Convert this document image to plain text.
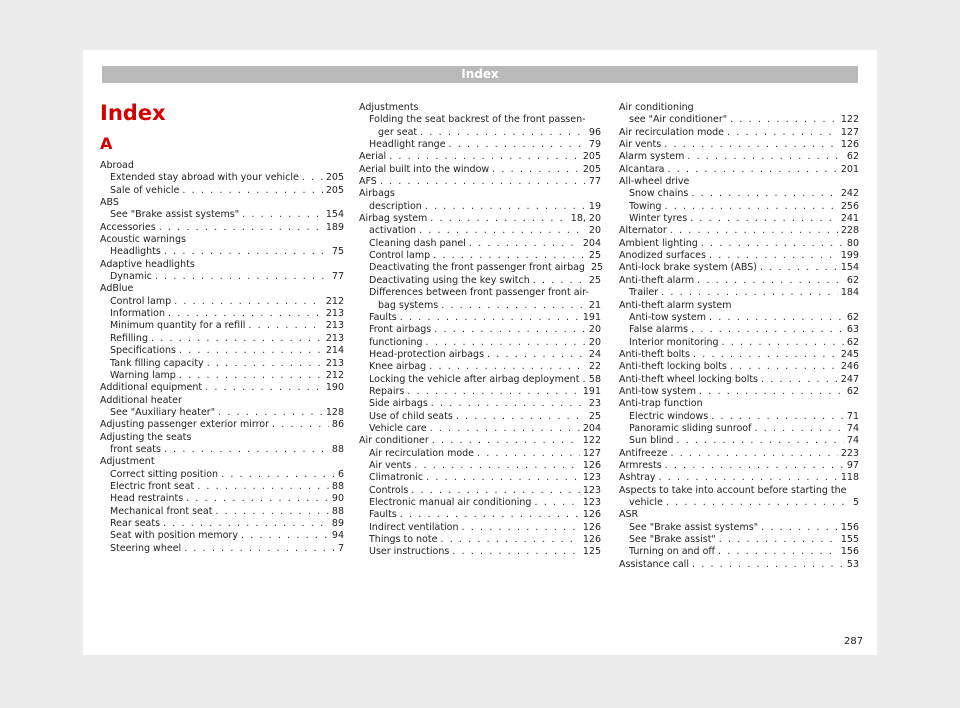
Index
Index
A
Abroad
Extended stay abroad with your vehicle . . .	205
Sale of vehicle . . .	205
ABS
See "Brake assist systems" . . .	154
Accessories . . .	189
Acoustic warnings
Headlights . . .	75
Adaptive headlights
Dynamic . . .	77
AdBlue
Control lamp . . .	212
Information . . .	213
Minimum quantity for a refill . . .	213
Refilling . . .	213
Specifications . . .	214
Tank filling capacity . . .	213
Warning lamp . . .	212
Additional equipment . . .	190
Additional heater
See "Auxiliary heater" . . .	128
Adjusting passenger exterior mirror . . .	86
Adjusting the seats
front seats . . .	88
Adjustment
Correct sitting position . . .	6
Electric front seat . . .	88
Head restraints . . .	90
Mechanical front seat . . .	88
Rear seats . . .	89
Seat with position memory . . .	94
Steering wheel . . .	7
Adjustments
Folding the seat backrest of the front passen-
ger seat . . .	96
Headlight range . . .	79
Aerial . . .	205
Aerial built into the window . . .	205
AFS . . .	77
Airbags
description . . .	19
Airbag system . . .	18, 20
activation . . .	20
Cleaning dash panel . . .	204
Control lamp . . .	25
Deactivating the front passenger front airbag 25
Deactivating using the key switch . . .	25
Differences between front passenger front air-
bag systems . . .	21
Faults . . .	191
Front airbags . . .	20
functioning . . .	20
Head-protection airbags . . .	24
Knee airbag . . .	22
Locking the vehicle after airbag deployment . . . 58
Repairs . . .	191
Side airbags . . .	23
Use of child seats . . .	25
Vehicle care . . .	204
Air conditioner . . .	122
Air recirculation mode . . .	127
Air vents . . .	126
Climatronic . . .	123
Controls . . .	123
Electronic manual air conditioning . . .	123
Faults . . .	126
Indirect ventilation . . .	126
Things to note . . .	126
User instructions . . .	125
Air conditioning
see "Air conditioner" . . .	122
Air recirculation mode . . .	127
Air vents . . .	126
Alarm system . . .	62
Alcantara . . .	201
All-wheel drive
Snow chains . . .	242
Towing . . .	256
Winter tyres . . .	241
Alternator . . .	228
Ambient lighting . . .	80
Anodized surfaces . . .	199
Anti-lock brake system (ABS) . . .	154
Anti-theft alarm . . .	62
Trailer . . .	184
Anti-theft alarm system
Anti-tow system . . .	62
False alarms . . .	63
Interior monitoring . . .	62
Anti-theft bolts . . .	245
Anti-theft locking bolts . . .	246
Anti-theft wheel locking bolts . . .	247
Anti-tow system . . .	62
Anti-trap function
Electric windows . . .	71
Panoramic sliding sunroof . . .	74
Sun blind . . .	74
Antifreeze . . .	223
Armrests . . .	97
Ashtray . . .	118
Aspects to take into account before starting the
vehicle . . .	5
ASR
See "Brake assist systems" . . .	156
See "Brake assist" . . .	155
Turning on and off . . .	156
Assistance call . . .	53
287
